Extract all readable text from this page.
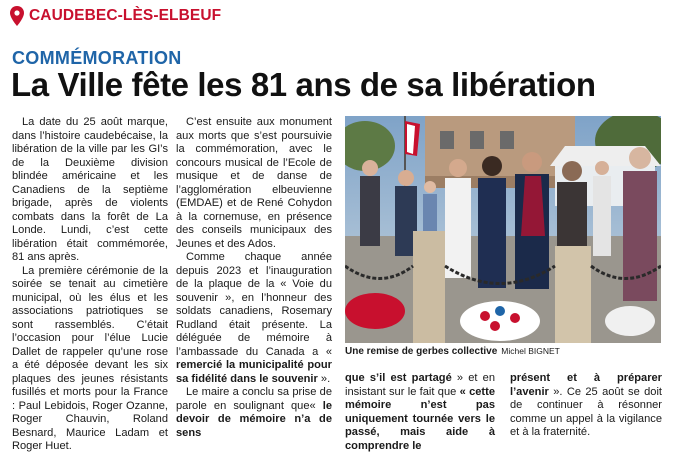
CAUDEBEC-LÈS-ELBEUF
COMMÉMORATION
La Ville fête les 81 ans de sa libération

La date du 25 août marque, dans l’histoire caudebécaise, la libération de la ville par les GI’s de la Deuxième division blindée américaine et les Canadiens de la septième brigade, après de violents combats dans la forêt de La Londe. Lundi, c’est cette libération était commémorée, 81 ans après.

La première cérémonie de la soirée se tenait au cimetière municipal, où les élus et les associations patriotiques se sont rassemblés. C’était l’occasion pour l’élue Lucie Dallet de rappeler qu’une rose a été déposée devant les six plaques des jeunes résistants fusillés et morts pour la France : Paul Lebidois, Roger Ozanne, Roger Chauvin, Roland Besnard, Maurice Ladam et Roger Huet.

C’est ensuite aux monument aux morts que s’est poursuivie la commémoration, avec le concours musical de l’Ecole de musique et de danse de l’agglomération elbeuvienne (EMDAE) et de René Cohydon à la cornemuse, en présence des conseils municipaux des Jeunes et des Ados.

Comme chaque année depuis 2023 et l’inauguration de la plaque de la « Voie du souvenir », en l’honneur des soldats canadiens, Rosemary Rudland était présente. La déléguée de mémoire à l’ambassade du Canada a « remercié la municipalité pour sa fidélité dans le souvenir ».

Le maire a conclu sa prise de parole en soulignant que« le devoir de mémoire n’a de sens

Une remise de gerbes collective Michel BIGNET

que s’il est partagé » et en insistant sur le fait que « cette mémoire n’est pas uniquement tournée vers le passé, mais aide à comprendre le

présent et à préparer l’avenir ». Ce 25 août se doit de continuer à résonner comme un appel à la vigilance et à la fraternité.
